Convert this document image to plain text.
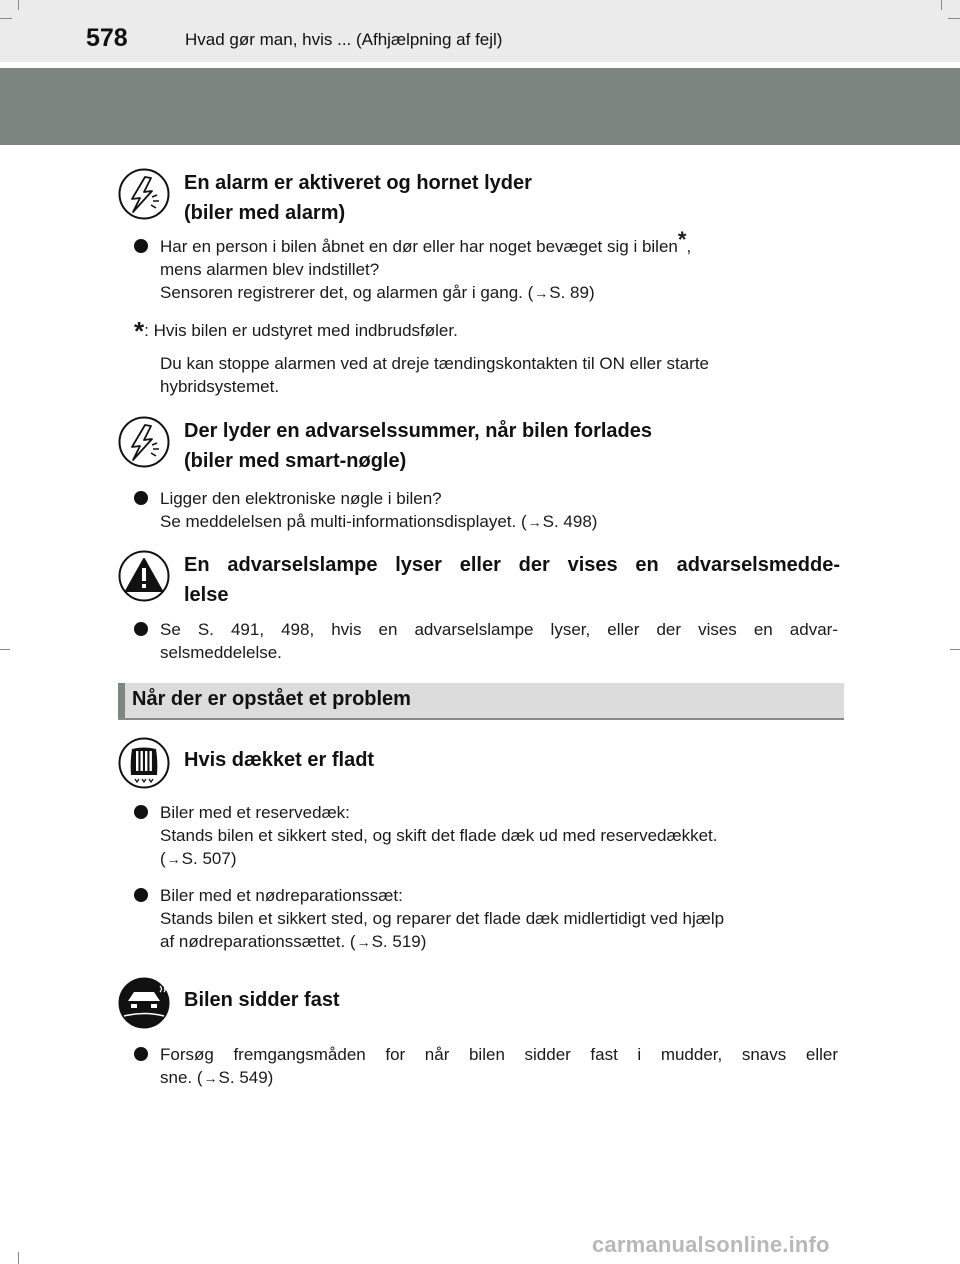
578	Hvad gør man, hvis ... (Afhjælpning af fejl)
En alarm er aktiveret og hornet lyder
(biler med alarm)

Har en person i bilen åbnet en dør eller har noget bevæget sig i bilen*,

mens alarmen blev indstillet?

Sensoren registrerer det, og alarmen går i gang. (→S. 89)

*: Hvis bilen er udstyret med indbrudsføler.
Du kan stoppe alarmen ved at dreje tændingskontakten til ON eller starte
hybridsystemet.
Der lyder en advarselssummer, når bilen forlades
(biler med smart-nøgle)

Ligger den elektroniske nøgle i bilen?

Se meddelelsen på multi-informationsdisplayet. (→S. 498)

En advarselslampe lyser eller der vises en advarselsmedde-
lelse

Se S. 491, 498, hvis en advarselslampe lyser, eller der vises en advar-

selsmeddelelse.

Når der er opstået et problem
Hvis dækket er fladt

Biler med et reservedæk:

Stands bilen et sikkert sted, og skift det flade dæk ud med reservedækket.

(→S. 507)

Biler med et nødreparationssæt:

Stands bilen et sikkert sted, og reparer det flade dæk midlertidigt ved hjælp

af nødreparationssættet. (→S. 519)

Bilen sidder fast

Forsøg fremgangsmåden for når bilen sidder fast i mudder, snavs eller

sne. (→S. 549)

carmanualsonline.info
